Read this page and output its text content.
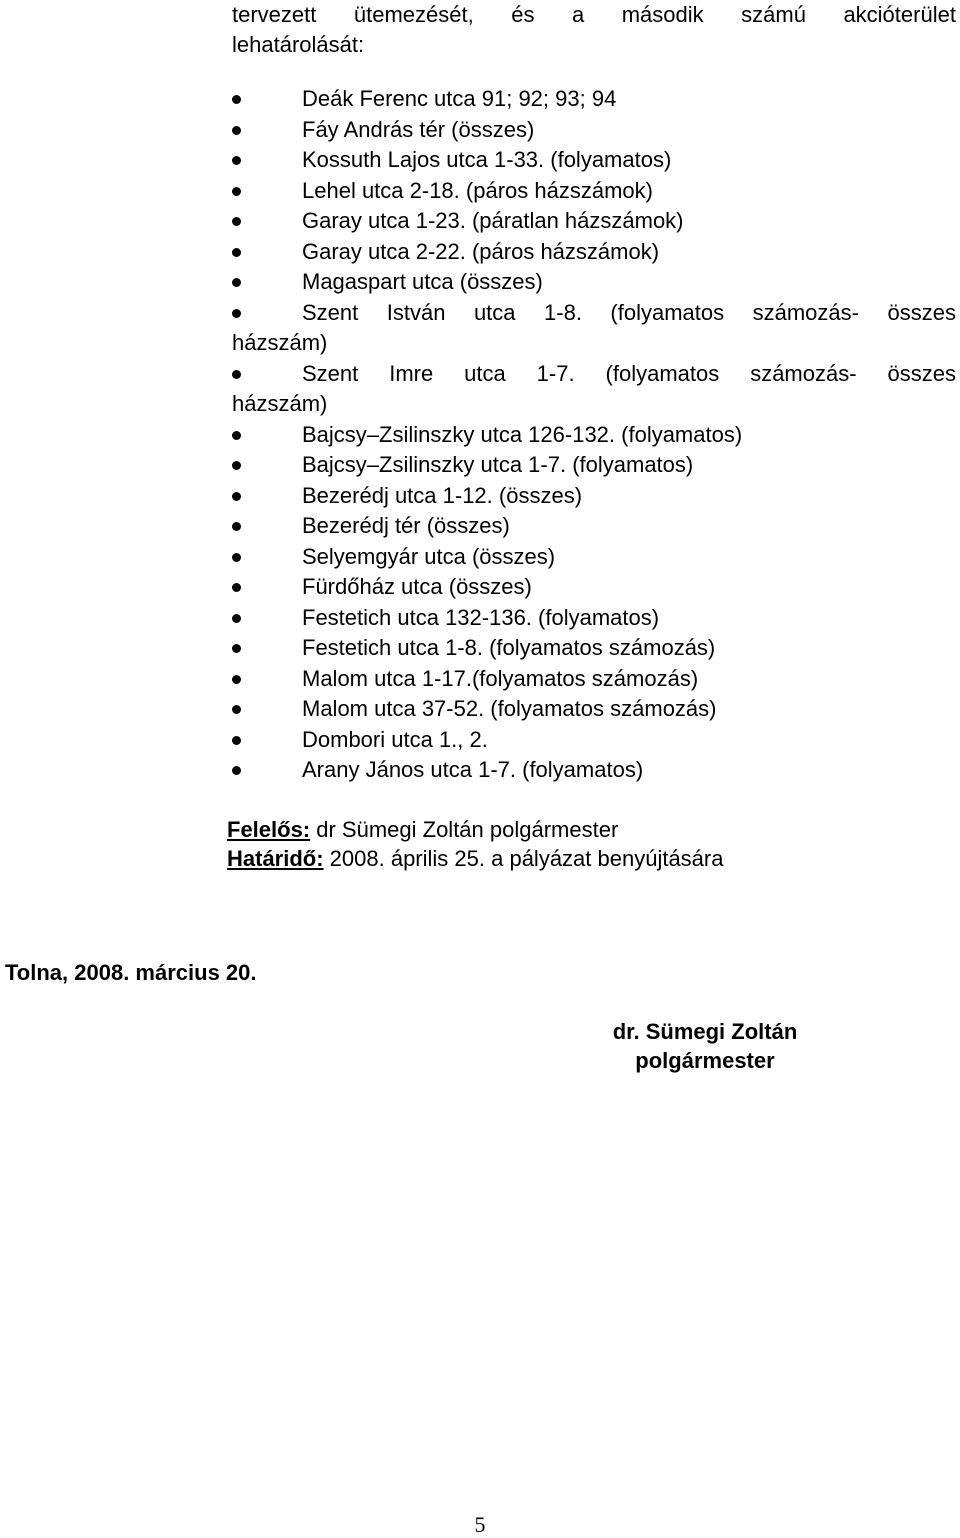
tervezett ütemezését, és a második számú akcióterület
lehatárolását:
Deák Ferenc utca 91; 92; 93; 94
Fáy András tér (összes)
Kossuth Lajos utca 1-33. (folyamatos)
Lehel utca 2-18. (páros házszámok)
Garay utca 1-23. (páratlan házszámok)
Garay utca 2-22. (páros házszámok)
Magaspart utca (összes)
Szent István utca 1-8. (folyamatos számozás- összes
házszám)
Szent Imre utca 1-7. (folyamatos számozás- összes
házszám)
Bajcsy–Zsilinszky utca 126-132. (folyamatos)
Bajcsy–Zsilinszky utca 1-7. (folyamatos)
Bezerédj utca 1-12. (összes)
Bezerédj tér (összes)
Selyemgyár utca (összes)
Fürdőház utca (összes)
Festetich utca 132-136. (folyamatos)
Festetich utca 1-8. (folyamatos számozás)
Malom utca 1-17.(folyamatos számozás)
Malom utca 37-52. (folyamatos számozás)
Dombori utca 1., 2.
Arany János utca 1-7. (folyamatos)
Felelős: dr Sümegi Zoltán polgármester
Határidő: 2008. április 25. a pályázat benyújtására
Tolna, 2008. március 20.
dr. Sümegi Zoltán
polgármester
5
